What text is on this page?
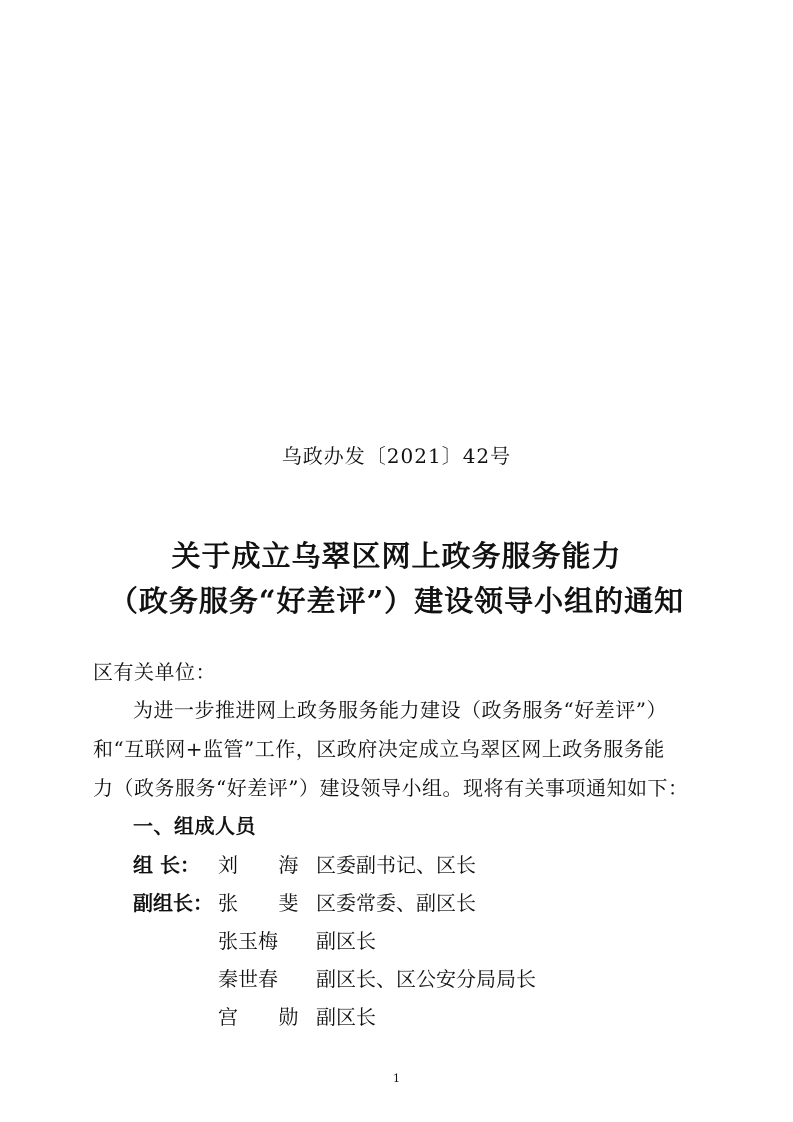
乌政办发〔2021〕42号
关于成立乌翠区网上政务服务能力
（政务服务“好差评”）建设领导小组的通知
区有关单位：
为进一步推进网上政务服务能力建设（政务服务“好差评”）
和“互联网+监管”工作，区政府决定成立乌翠区网上政务服务能
力（政务服务“好差评”）建设领导小组。现将有关事项通知如下：
一、组成人员
组 长： 刘 海 区委副书记、区长
副组长： 张 斐 区委常委、副区长
张玉梅	副区长
秦世春	副区长、区公安分局局长
宫 勋 副区长
1
